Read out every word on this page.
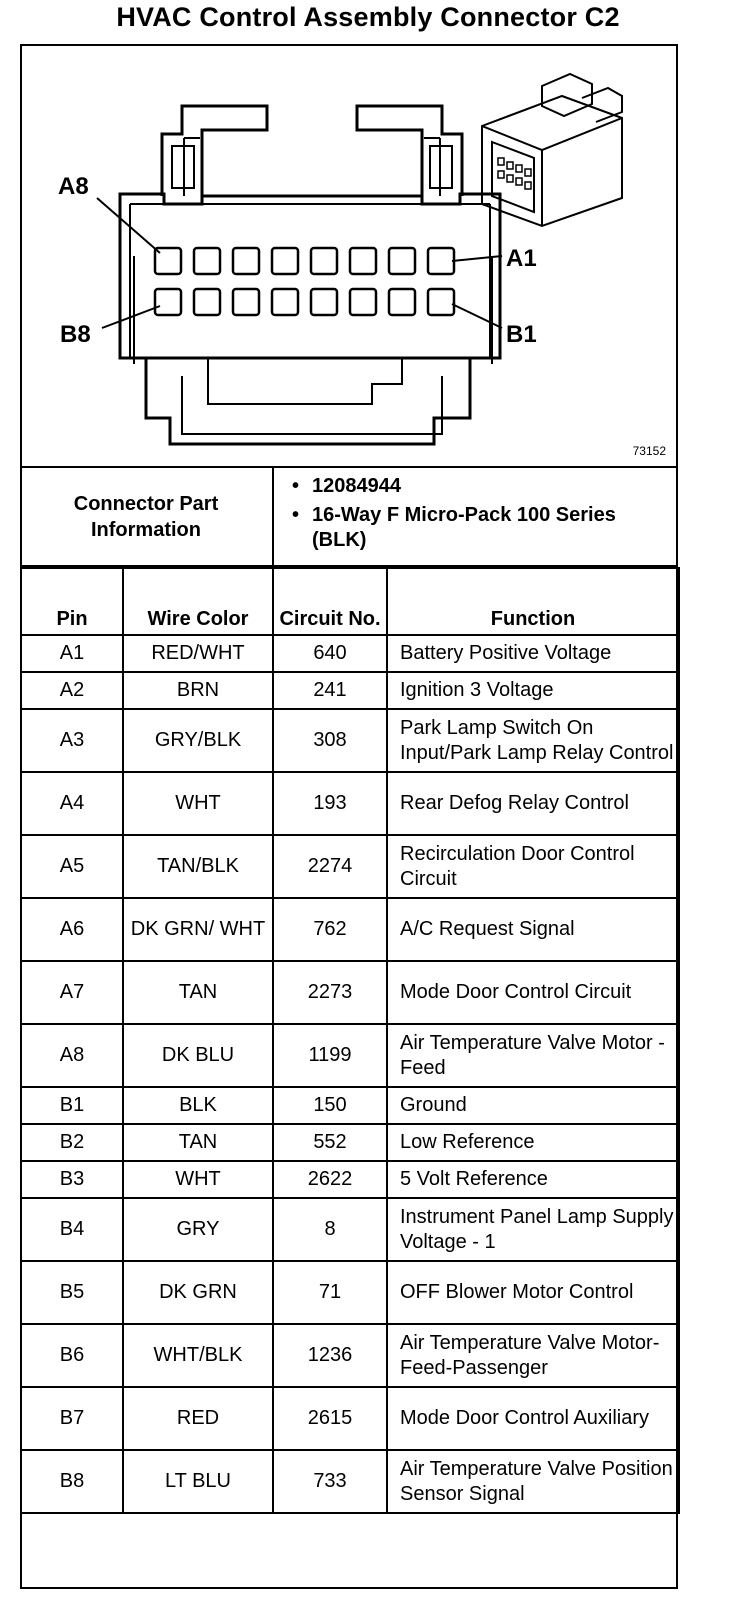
HVAC Control Assembly Connector C2
A8
A1
B8	B1
73152
Connector Part Information
• 12084944
• 16-Way F Micro-Pack 100 Series (BLK)
Pin	Wire Color	Circuit No.	Function
A1	RED/WHT	640	Battery Positive Voltage
A2	BRN	241	Ignition 3 Voltage
A3	GRY/BLK	308	Park Lamp Switch On Input/Park Lamp Relay Control
A4	WHT	193	Rear Defog Relay Control
A5	TAN/BLK	2274	Recirculation Door Control Circuit
A6	DK GRN/ WHT	762	A/C Request Signal
A7	TAN	2273	Mode Door Control Circuit
A8	DK BLU	1199	Air Temperature Valve Motor - Feed
B1	BLK	150	Ground
B2	TAN	552	Low Reference
B3	WHT	2622	5 Volt Reference
B4	GRY	8	Instrument Panel Lamp Supply Voltage - 1
B5	DK GRN	71	OFF Blower Motor Control
B6	WHT/BLK	1236	Air Temperature Valve Motor-Feed-Passenger
B7	RED	2615	Mode Door Control Auxiliary
B8	LT BLU	733	Air Temperature Valve Position Sensor Signal
